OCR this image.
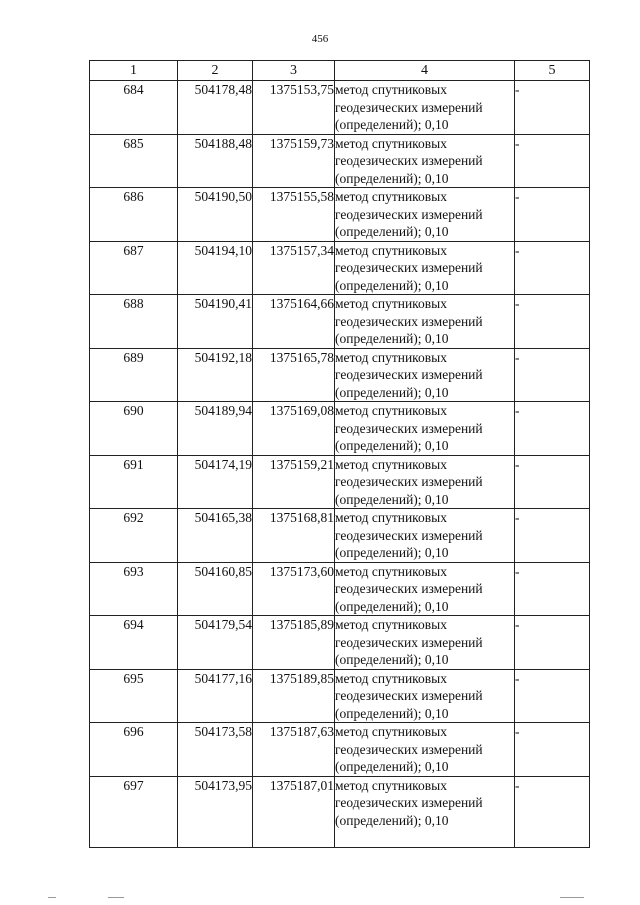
456
1	2	3	4	5
684	504178,48	1375153,75	метод спутниковых
геодезических измерений
(определений); 0,10	-
685	504188,48	1375159,73	метод спутниковых
геодезических измерений
(определений); 0,10	-
686	504190,50	1375155,58	метод спутниковых
геодезических измерений
(определений); 0,10	-
687	504194,10	1375157,34	метод спутниковых
геодезических измерений
(определений); 0,10	-
688	504190,41	1375164,66	метод спутниковых
геодезических измерений
(определений); 0,10	-
689	504192,18	1375165,78	метод спутниковых
геодезических измерений
(определений); 0,10	-
690	504189,94	1375169,08	метод спутниковых
геодезических измерений
(определений); 0,10	-
691	504174,19	1375159,21	метод спутниковых
геодезических измерений
(определений); 0,10	-
692	504165,38	1375168,81	метод спутниковых
геодезических измерений
(определений); 0,10	-
693	504160,85	1375173,60	метод спутниковых
геодезических измерений
(определений); 0,10	-
694	504179,54	1375185,89	метод спутниковых
геодезических измерений
(определений); 0,10	-
695	504177,16	1375189,85	метод спутниковых
геодезических измерений
(определений); 0,10	-
696	504173,58	1375187,63	метод спутниковых
геодезических измерений
(определений); 0,10	-
697	504173,95	1375187,01	метод спутниковых
геодезических измерений
(определений); 0,10	-
